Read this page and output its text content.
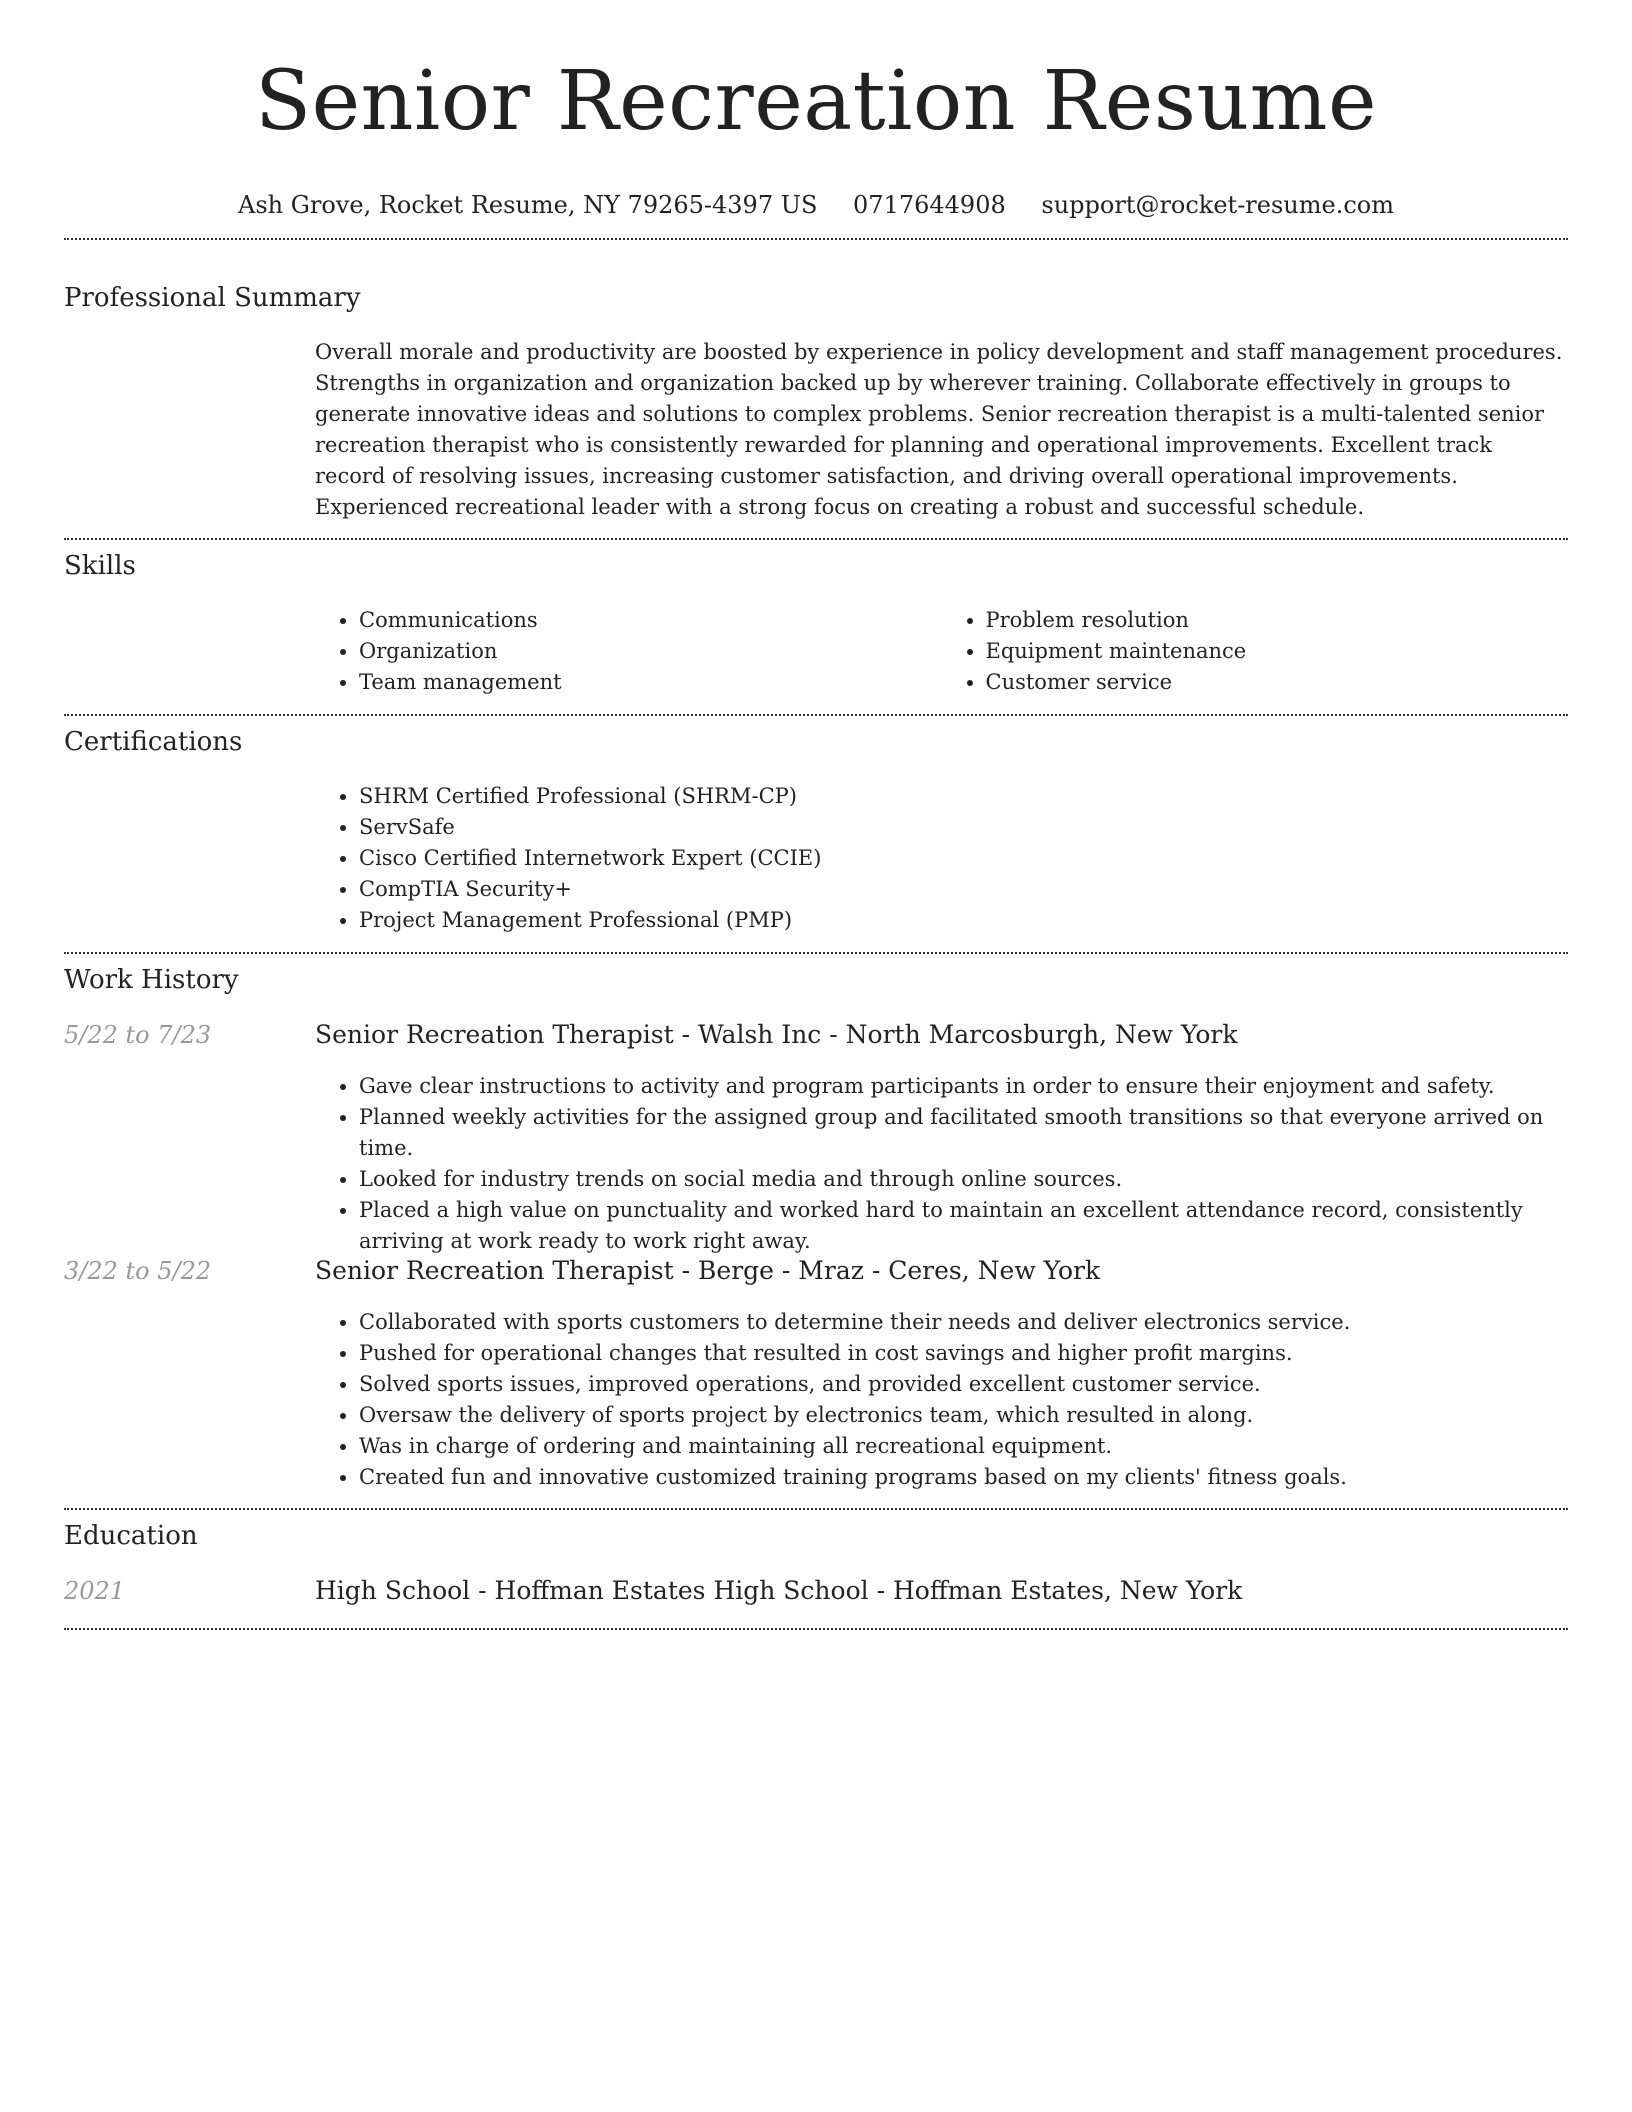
Senior Recreation Resume
Ash Grove, Rocket Resume, NY 79265-4397 US 0717644908 support@rocket-resume.com
Professional Summary
Overall morale and productivity are boosted by experience in policy development and staff management procedures. Strengths in organization and organization backed up by wherever training. Collaborate effectively in groups to generate innovative ideas and solutions to complex problems. Senior recreation therapist is a multi-talented senior recreation therapist who is consistently rewarded for planning and operational improvements. Excellent track record of resolving issues, increasing customer satisfaction, and driving overall operational improvements. Experienced recreational leader with a strong focus on creating a robust and successful schedule.
Skills
• Communications
• Organization
• Team management
• Problem resolution
• Equipment maintenance
• Customer service
Certifications
• SHRM Certified Professional (SHRM-CP)
• ServSafe
• Cisco Certified Internetwork Expert (CCIE)
• CompTIA Security+
• Project Management Professional (PMP)
Work History
5/22 to 7/23	Senior Recreation Therapist - Walsh Inc - North Marcosburgh, New York
• Gave clear instructions to activity and program participants in order to ensure their enjoyment and safety.
• Planned weekly activities for the assigned group and facilitated smooth transitions so that everyone arrived on time.
• Looked for industry trends on social media and through online sources.
• Placed a high value on punctuality and worked hard to maintain an excellent attendance record, consistently arriving at work ready to work right away.
3/22 to 5/22	Senior Recreation Therapist - Berge - Mraz - Ceres, New York
• Collaborated with sports customers to determine their needs and deliver electronics service.
• Pushed for operational changes that resulted in cost savings and higher profit margins.
• Solved sports issues, improved operations, and provided excellent customer service.
• Oversaw the delivery of sports project by electronics team, which resulted in along.
• Was in charge of ordering and maintaining all recreational equipment.
• Created fun and innovative customized training programs based on my clients' fitness goals.
Education
2021	High School - Hoffman Estates High School - Hoffman Estates, New York
